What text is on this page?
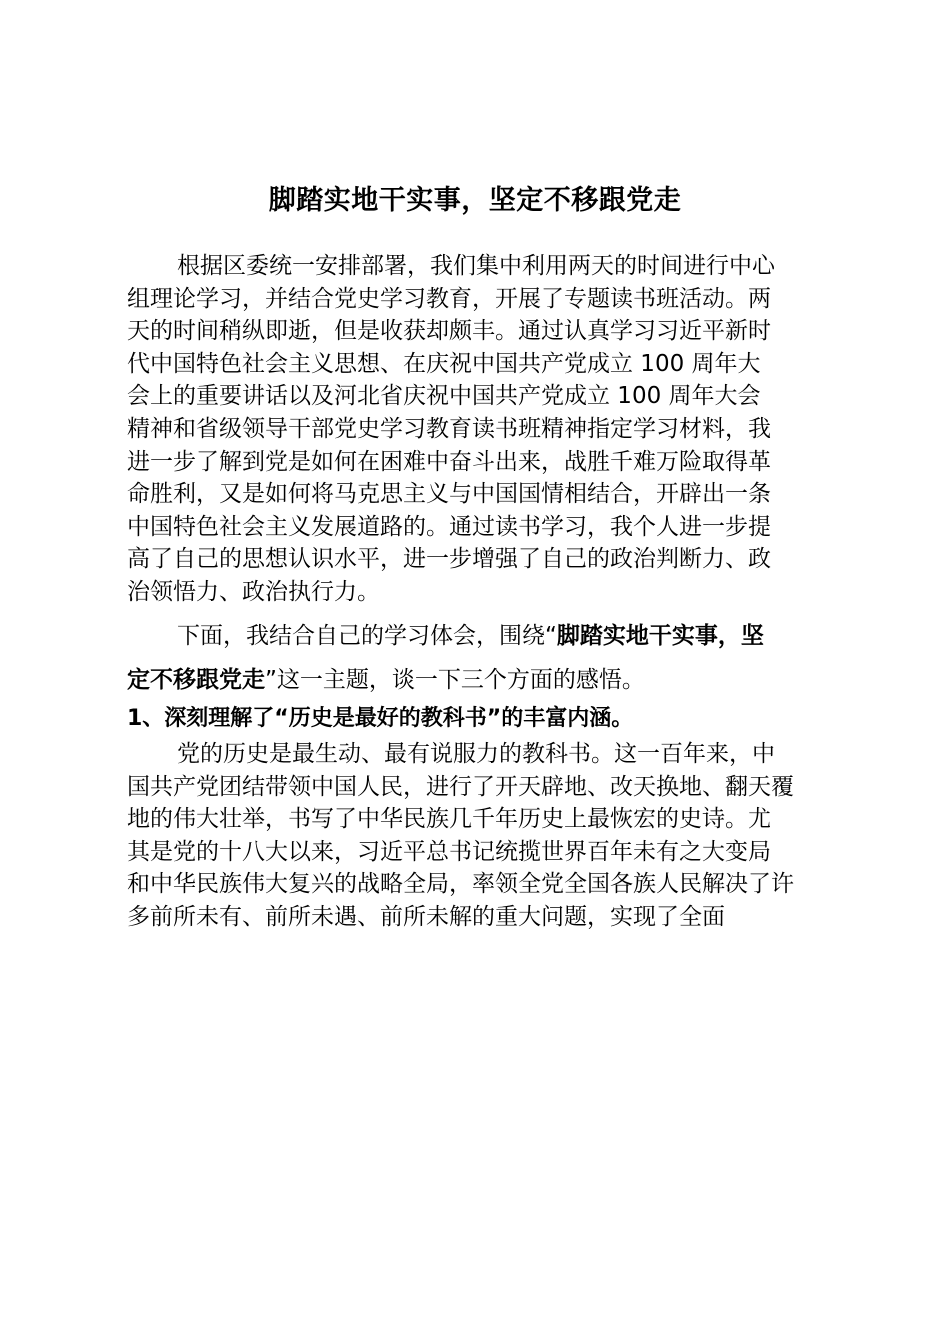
脚踏实地干实事，坚定不移跟党走
根据区委统一安排部署，我们集中利用两天的时间进行中心
组理论学习，并结合党史学习教育，开展了专题读书班活动。两
天的时间稍纵即逝，但是收获却颇丰。通过认真学习习近平新时
代中国特色社会主义思想、在庆祝中国共产党成立 100 周年大
会上的重要讲话以及河北省庆祝中国共产党成立 100 周年大会
精神和省级领导干部党史学习教育读书班精神指定学习材料，我
进一步了解到党是如何在困难中奋斗出来，战胜千难万险取得革
命胜利，又是如何将马克思主义与中国国情相结合，开辟出一条
中国特色社会主义发展道路的。通过读书学习，我个人进一步提
高了自己的思想认识水平，进一步增强了自己的政治判断力、政
治领悟力、政治执行力。
下面，我结合自己的学习体会，围绕“脚踏实地干实事，坚
定不移跟党走”这一主题，谈一下三个方面的感悟。
1、深刻理解了“历史是最好的教科书”的丰富内涵。
党的历史是最生动、最有说服力的教科书。这一百年来，中
国共产党团结带领中国人民，进行了开天辟地、改天换地、翻天覆
地的伟大壮举，书写了中华民族几千年历史上最恢宏的史诗。尤
其是党的十八大以来，习近平总书记统揽世界百年未有之大变局
和中华民族伟大复兴的战略全局，率领全党全国各族人民解决了许
多前所未有、前所未遇、前所未解的重大问题，实现了全面
